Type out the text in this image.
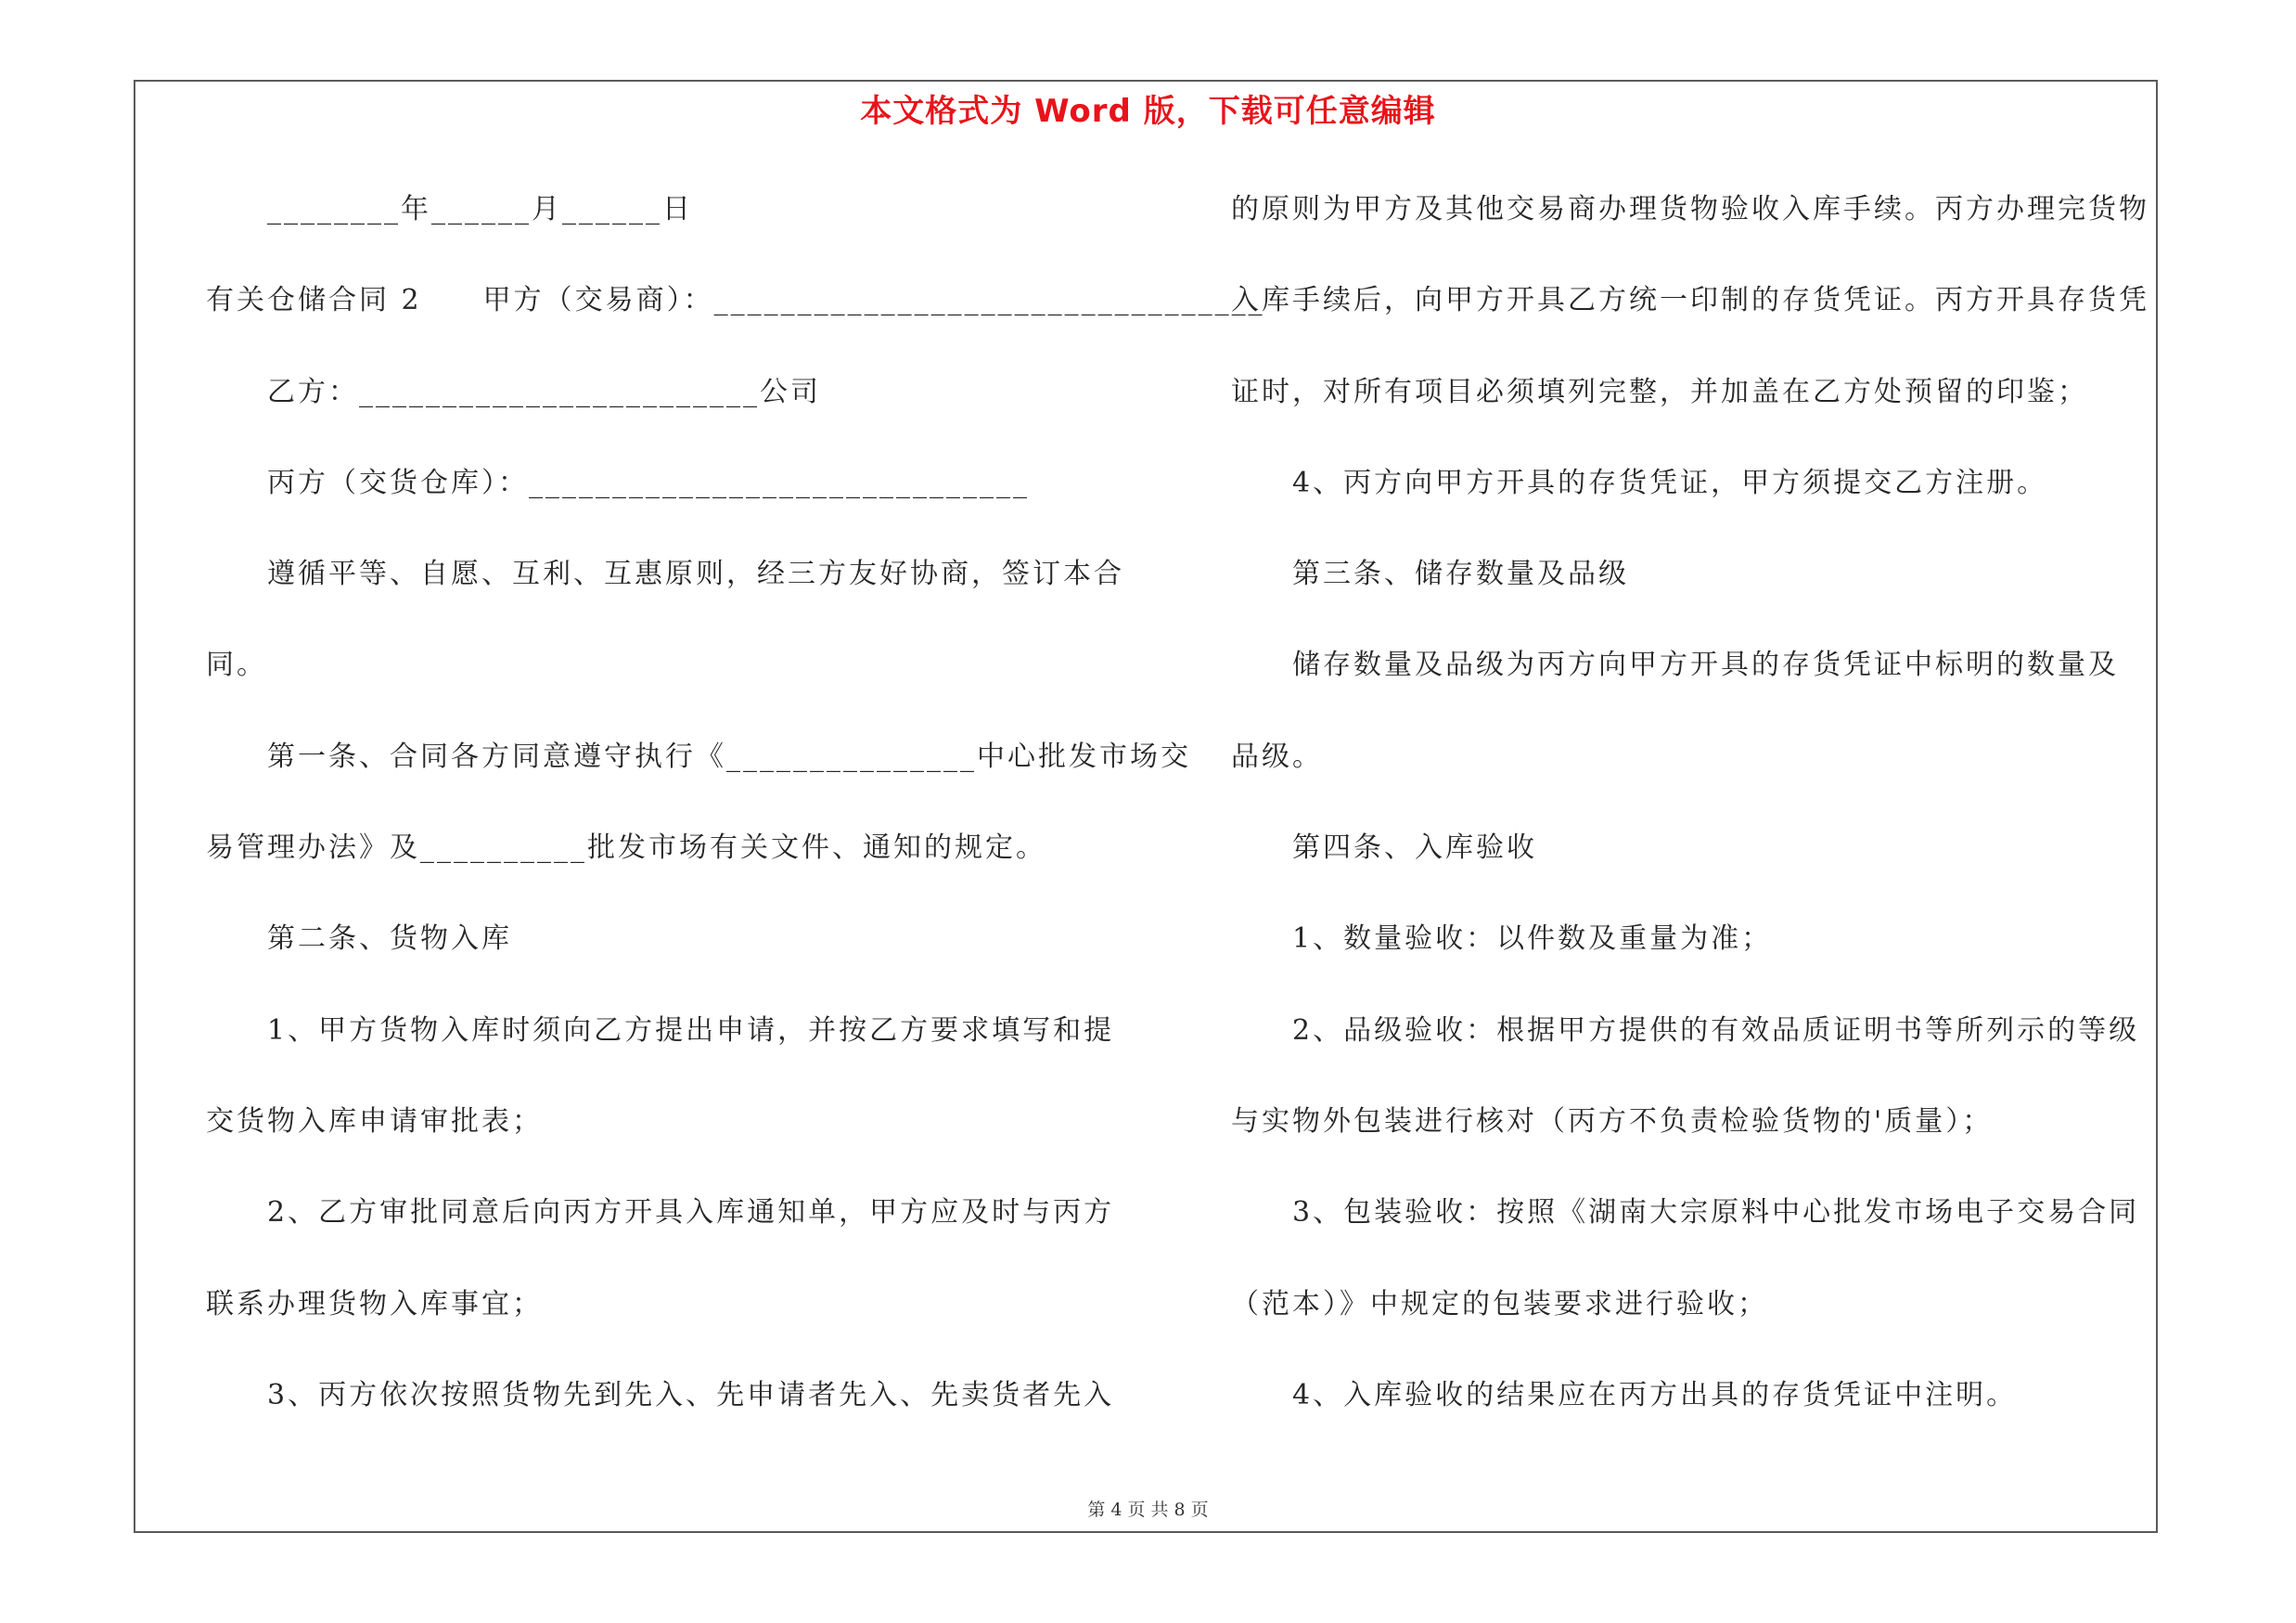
本文格式为 Word 版，下载可任意编辑
________年______月______日
有关仓储合同 2　　甲方（交易商）：_________________________________
乙方：________________________公司
丙方（交货仓库）：______________________________
遵循平等、自愿、互利、互惠原则，经三方友好协商，签订本合
同。
第一条、合同各方同意遵守执行《_______________中心批发市场交
易管理办法》及__________批发市场有关文件、通知的规定。
第二条、货物入库
1、甲方货物入库时须向乙方提出申请，并按乙方要求填写和提
交货物入库申请审批表；
2、乙方审批同意后向丙方开具入库通知单，甲方应及时与丙方
联系办理货物入库事宜；
3、丙方依次按照货物先到先入、先申请者先入、先卖货者先入
的原则为甲方及其他交易商办理货物验收入库手续。丙方办理完货物
入库手续后，向甲方开具乙方统一印制的存货凭证。丙方开具存货凭
证时，对所有项目必须填列完整，并加盖在乙方处预留的印鉴；
4、丙方向甲方开具的存货凭证，甲方须提交乙方注册。
第三条、储存数量及品级
储存数量及品级为丙方向甲方开具的存货凭证中标明的数量及
品级。
第四条、入库验收
1、数量验收：以件数及重量为准；
2、品级验收：根据甲方提供的有效品质证明书等所列示的等级
与实物外包装进行核对（丙方不负责检验货物的'质量）；
3、包装验收：按照《湖南大宗原料中心批发市场电子交易合同
（范本）》中规定的包装要求进行验收；
4、入库验收的结果应在丙方出具的存货凭证中注明。
第 4 页 共 8 页
